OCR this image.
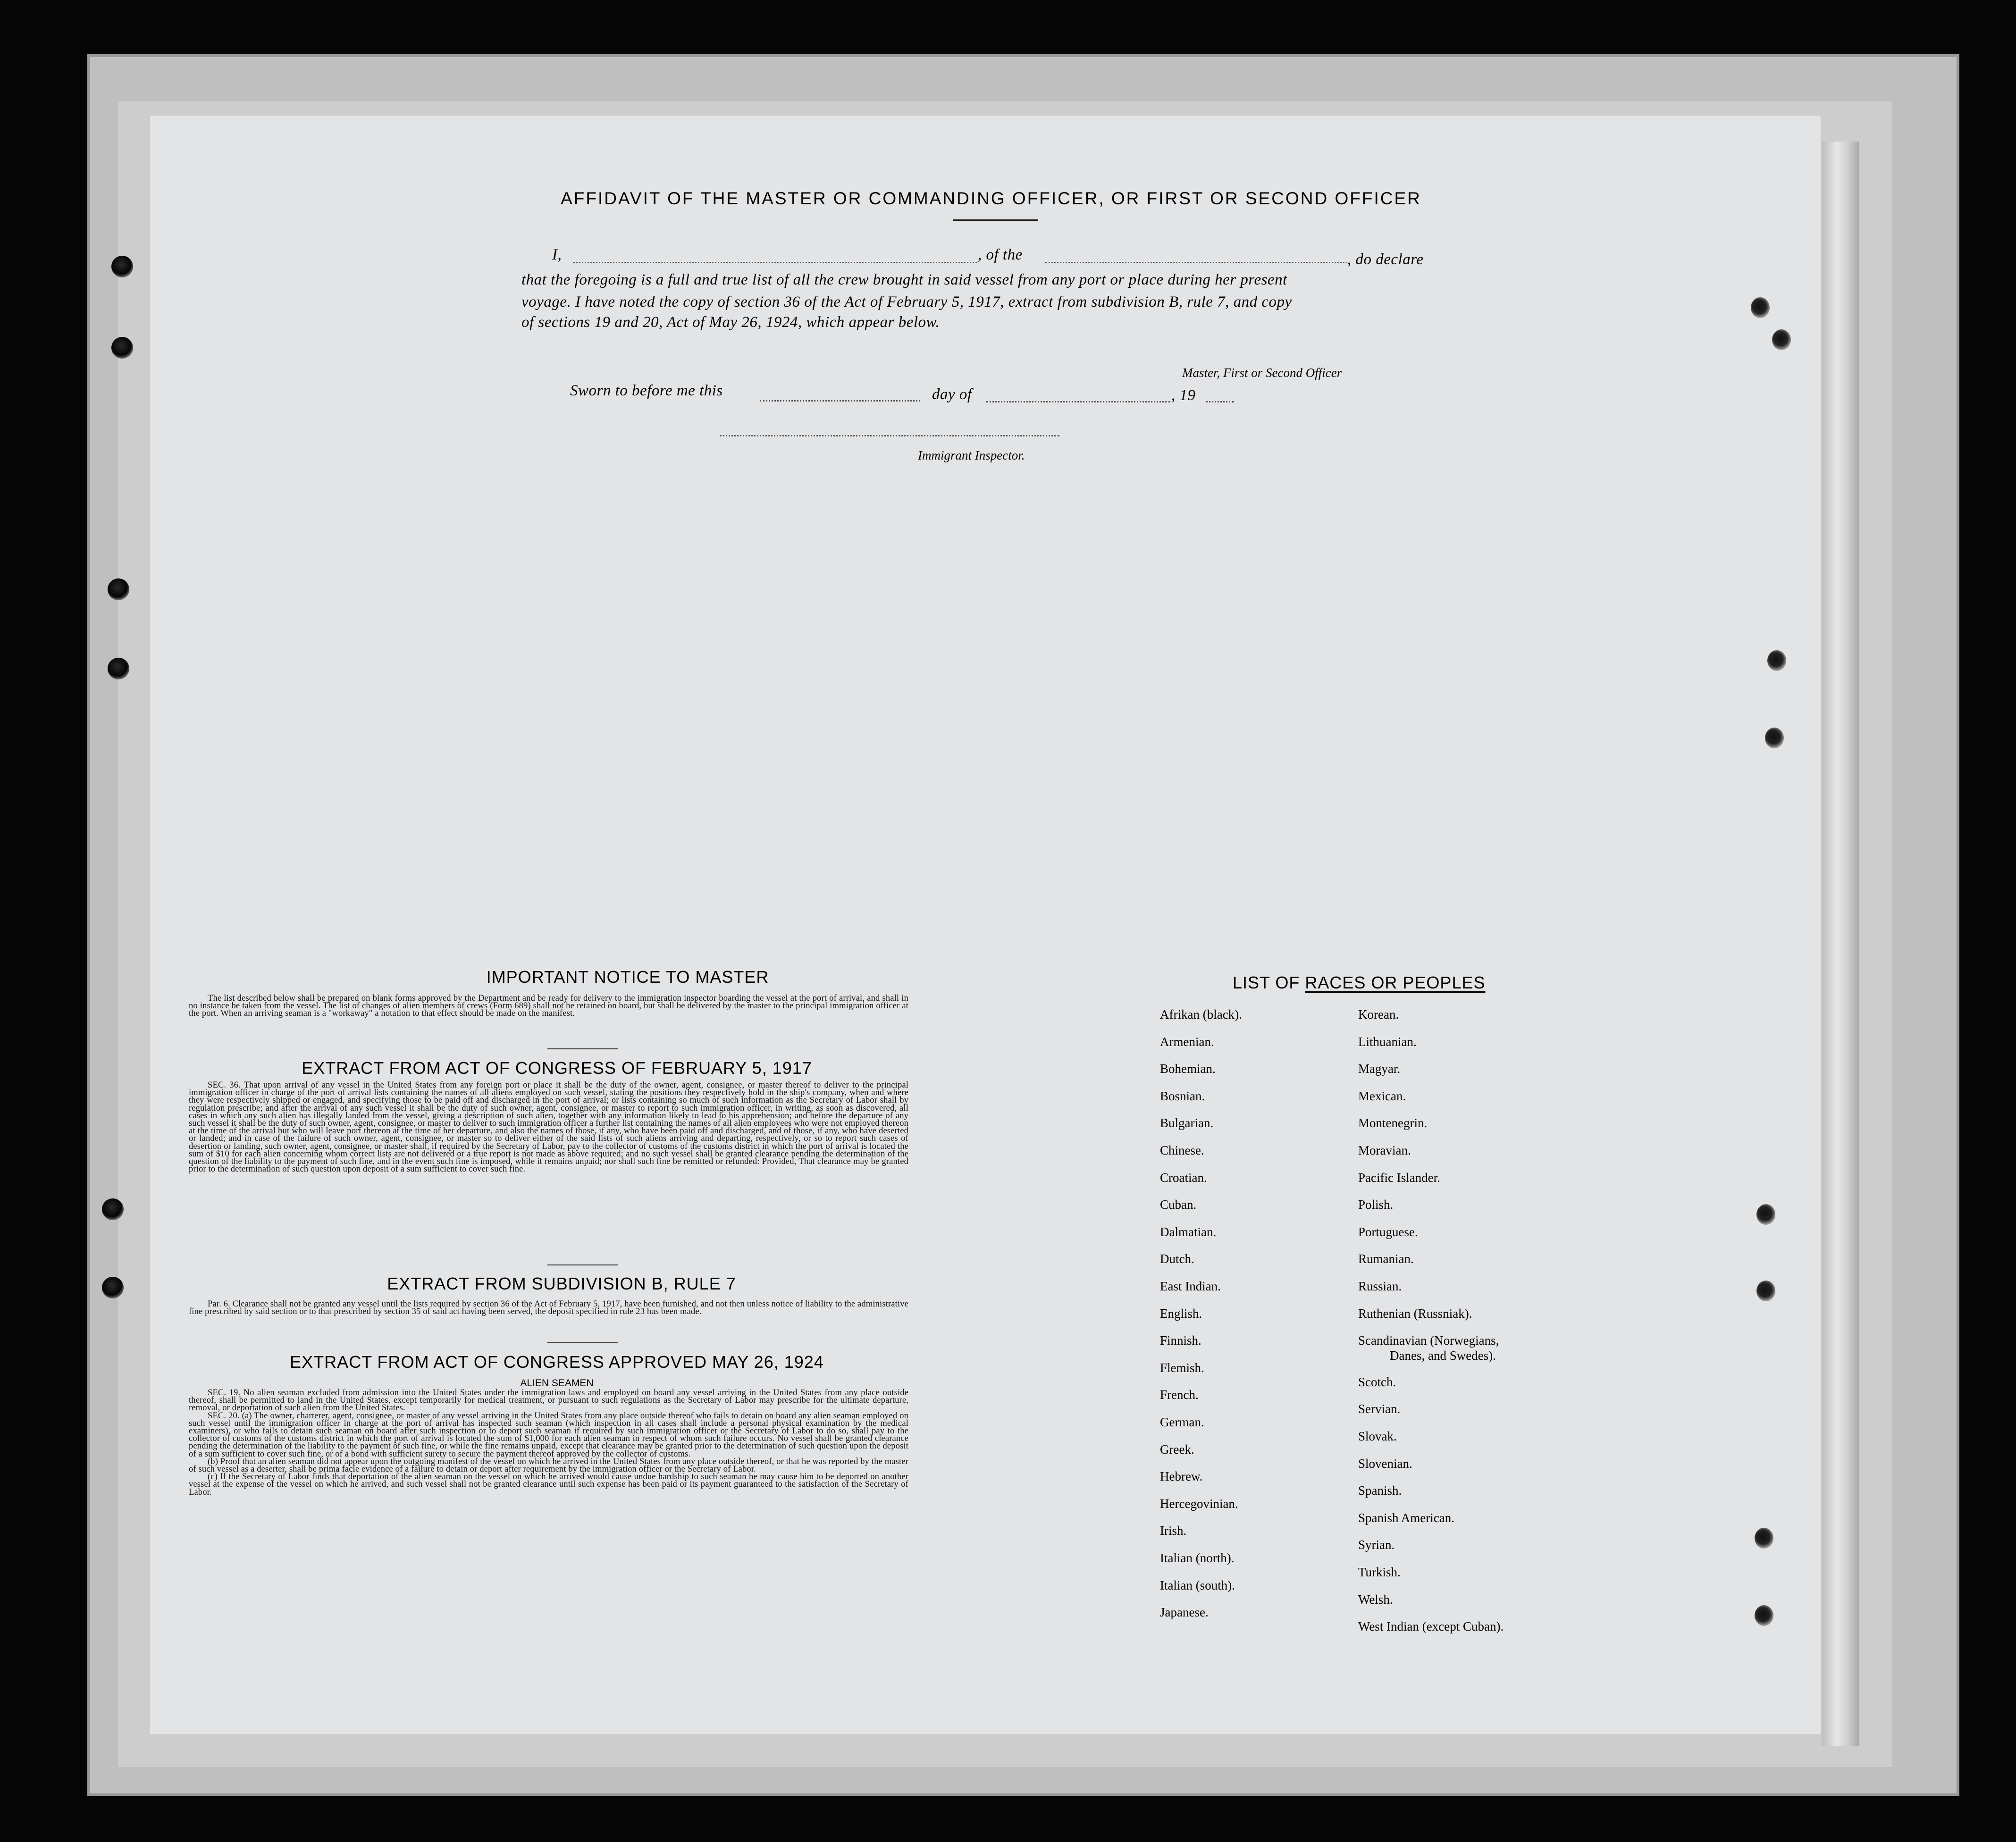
AFFIDAVIT OF THE MASTER OR COMMANDING OFFICER, OR FIRST OR SECOND OFFICER
I,	, of the	, do declare
that the foregoing is a full and true list of all the crew brought in said vessel from any port or place during her present
voyage. I have noted the copy of section 36 of the Act of February 5, 1917, extract from subdivision B, rule 7, and copy
of sections 19 and 20, Act of May 26, 1924, which appear below.
Master, First or Second Officer
Sworn to before me this	day of	, 19
Immigrant Inspector.
IMPORTANT NOTICE TO MASTER

The list described below shall be prepared on blank forms approved by the Department and be ready for delivery to the immigration inspector boarding the vessel at the port of arrival, and shall in no instance be taken from the vessel. The list of changes of alien members of crews (Form 689) shall not be retained on board, but shall be delivered by the master to the principal immigration officer at the port. When an arriving seaman is a "workaway" a notation to that effect should be made on the manifest.

EXTRACT FROM ACT OF CONGRESS OF FEBRUARY 5, 1917

SEC. 36. That upon arrival of any vessel in the United States from any foreign port or place it shall be the duty of the owner, agent, consignee, or master thereof to deliver to the principal immigration officer in charge of the port of arrival lists containing the names of all aliens employed on such vessel, stating the positions they respectively hold in the ship's company, when and where they were respectively shipped or engaged, and specifying those to be paid off and discharged in the port of arrival; or lists containing so much of such information as the Secretary of Labor shall by regulation prescribe; and after the arrival of any such vessel it shall be the duty of such owner, agent, consignee, or master to report to such immigration officer, in writing, as soon as discovered, all cases in which any such alien has illegally landed from the vessel, giving a description of such alien, together with any information likely to lead to his apprehension; and before the departure of any such vessel it shall be the duty of such owner, agent, consignee, or master to deliver to such immigration officer a further list containing the names of all alien employees who were not employed thereon at the time of the arrival but who will leave port thereon at the time of her departure, and also the names of those, if any, who have been paid off and discharged, and of those, if any, who have deserted or landed; and in case of the failure of such owner, agent, consignee, or master so to deliver either of the said lists of such aliens arriving and departing, respectively, or so to report such cases of desertion or landing, such owner, agent, consignee, or master shall, if required by the Secretary of Labor, pay to the collector of customs of the customs district in which the port of arrival is located the sum of $10 for each alien concerning whom correct lists are not delivered or a true report is not made as above required; and no such vessel shall be granted clearance pending the determination of the question of the liability to the payment of such fine, and in the event such fine is imposed, while it remains unpaid; nor shall such fine be remitted or refunded: Provided, That clearance may be granted prior to the determination of such question upon deposit of a sum sufficient to cover such fine.

EXTRACT FROM SUBDIVISION B, RULE 7

Par. 6. Clearance shall not be granted any vessel until the lists required by section 36 of the Act of February 5, 1917, have been furnished, and not then unless notice of liability to the administrative fine prescribed by said section or to that prescribed by section 35 of said act having been served, the deposit specified in rule 23 has been made.

EXTRACT FROM ACT OF CONGRESS APPROVED MAY 26, 1924
ALIEN SEAMEN

SEC. 19. No alien seaman excluded from admission into the United States under the immigration laws and employed on board any vessel arriving in the United States from any place outside thereof, shall be permitted to land in the United States, except temporarily for medical treatment, or pursuant to such regulations as the Secretary of Labor may prescribe for the ultimate departure, removal, or deportation of such alien from the United States.

SEC. 20. (a) The owner, charterer, agent, consignee, or master of any vessel arriving in the United States from any place outside thereof who fails to detain on board any alien seaman employed on such vessel until the immigration officer in charge at the port of arrival has inspected such seaman (which inspection in all cases shall include a personal physical examination by the medical examiners), or who fails to detain such seaman on board after such inspection or to deport such seaman if required by such immigration officer or the Secretary of Labor to do so, shall pay to the collector of customs of the customs district in which the port of arrival is located the sum of $1,000 for each alien seaman in respect of whom such failure occurs. No vessel shall be granted clearance pending the determination of the liability to the payment of such fine, or while the fine remains unpaid, except that clearance may be granted prior to the determination of such question upon the deposit of a sum sufficient to cover such fine, or of a bond with sufficient surety to secure the payment thereof approved by the collector of customs.

(b) Proof that an alien seaman did not appear upon the outgoing manifest of the vessel on which he arrived in the United States from any place outside thereof, or that he was reported by the master of such vessel as a deserter, shall be prima facie evidence of a failure to detain or deport after requirement by the immigration officer or the Secretary of Labor.

(c) If the Secretary of Labor finds that deportation of the alien seaman on the vessel on which he arrived would cause undue hardship to such seaman he may cause him to be deported on another vessel at the expense of the vessel on which he arrived, and such vessel shall not be granted clearance until such expense has been paid or its payment guaranteed to the satisfaction of the Secretary of Labor.

LIST OF RACES OR PEOPLES
Afrikan (black).
Armenian.
Bohemian.
Bosnian.
Bulgarian.
Chinese.
Croatian.
Cuban.
Dalmatian.
Dutch.
East Indian.
English.
Finnish.
Flemish.
French.
German.
Greek.
Hebrew.
Hercegovinian.
Irish.
Italian (north).
Italian (south).
Japanese.
Korean.
Lithuanian.
Magyar.
Mexican.
Montenegrin.
Moravian.
Pacific Islander.
Polish.
Portuguese.
Rumanian.
Russian.
Ruthenian (Russniak).
Scandinavian (Norwegians,
Scotch.
Servian.
Slovak.
Slovenian.
Spanish.
Spanish American.
Syrian.
Turkish.
Welsh.
West Indian (except Cuban).
Danes, and Swedes).
